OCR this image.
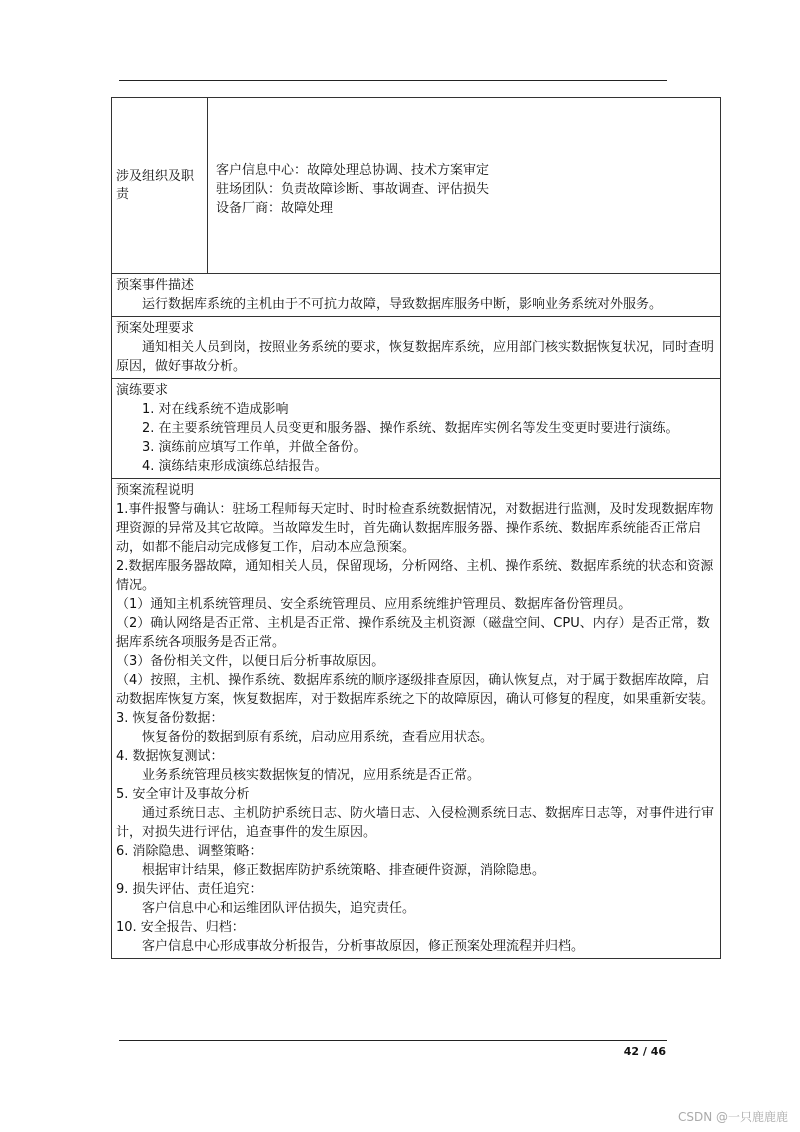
涉及组织及职责
客户信息中心：故障处理总协调、技术方案审定
驻场团队：负责故障诊断、事故调查、评估损失
设备厂商：故障处理
预案事件描述
运行数据库系统的主机由于不可抗力故障，导致数据库服务中断，影响业务系统对外服务。
预案处理要求
通知相关人员到岗，按照业务系统的要求，恢复数据库系统，应用部门核实数据恢复状况，同时查明原因，做好事故分析。
演练要求
1. 对在线系统不造成影响
2. 在主要系统管理员人员变更和服务器、操作系统、数据库实例名等发生变更时要进行演练。
3. 演练前应填写工作单，并做全备份。
4. 演练结束形成演练总结报告。
预案流程说明
1.事件报警与确认：驻场工程师每天定时、时时检查系统数据情况，对数据进行监测，及时发现数据库物理资源的异常及其它故障。当故障发生时，首先确认数据库服务器、操作系统、数据库系统能否正常启动，如都不能启动完成修复工作，启动本应急预案。
2.数据库服务器故障，通知相关人员，保留现场，分析网络、主机、操作系统、数据库系统的状态和资源情况。
（1）通知主机系统管理员、安全系统管理员、应用系统维护管理员、数据库备份管理员。
（2）确认网络是否正常、主机是否正常、操作系统及主机资源（磁盘空间、CPU、内存）是否正常，数据库系统各项服务是否正常。
（3）备份相关文件，以便日后分析事故原因。
（4）按照，主机、操作系统、数据库系统的顺序逐级排查原因，确认恢复点，对于属于数据库故障，启动数据库恢复方案，恢复数据库，对于数据库系统之下的故障原因，确认可修复的程度，如果重新安装。
3. 恢复备份数据：
恢复备份的数据到原有系统，启动应用系统，查看应用状态。
4. 数据恢复测试：
业务系统管理员核实数据恢复的情况，应用系统是否正常。
5. 安全审计及事故分析
通过系统日志、主机防护系统日志、防火墙日志、入侵检测系统日志、数据库日志等，对事件进行审计，对损失进行评估，追查事件的发生原因。
6. 消除隐患、调整策略：
根据审计结果，修正数据库防护系统策略、排查硬件资源，消除隐患。
9. 损失评估、责任追究：
客户信息中心和运维团队评估损失，追究责任。
10. 安全报告、归档：
客户信息中心形成事故分析报告，分析事故原因，修正预案处理流程并归档。
42 / 46
CSDN @一只鹿鹿鹿
